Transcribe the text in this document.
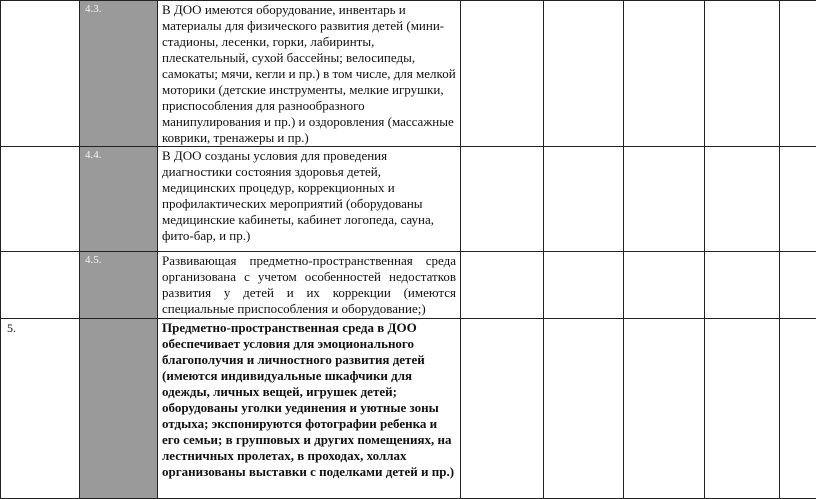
	4.3.	В ДОО имеются оборудование, инвентарь и материалы для физического развития детей (мини-стадионы, лесенки, горки, лабиринты, плескательный, сухой бассейны; велосипеды, самокаты; мячи, кегли и пр.) в том числе, для мелкой моторики (детские инструменты, мелкие игрушки, приспособления для разнообразного манипулирования и пр.) и оздоровления (массажные коврики, тренажеры и пр.)							

	4.4.	В ДОО созданы условия для проведения диагностики состояния здоровья детей, медицинских процедур, коррекционных и профилактических мероприятий (оборудованы медицинские кабинеты, кабинет логопеда, сауна, фито-бар, и пр.)							

	4.5.	Развивающая предметно-пространственная среда организована с учетом особенностей недостатков развития у детей и их коррекции (имеются специальные приспособления и оборудование;)							

5.		Предметно-пространственная среда в ДОО обеспечивает условия для эмоционального благополучия и личностного развития детей (имеются индивидуальные шкафчики для одежды, личных вещей, игрушек детей; оборудованы уголки уединения и уютные зоны отдыха; экспонируются фотографии ребенка и его семьи; в групповых и других помещениях, на лестничных пролетах, в проходах, холлах организованы выставки с поделками детей и пр.)							
